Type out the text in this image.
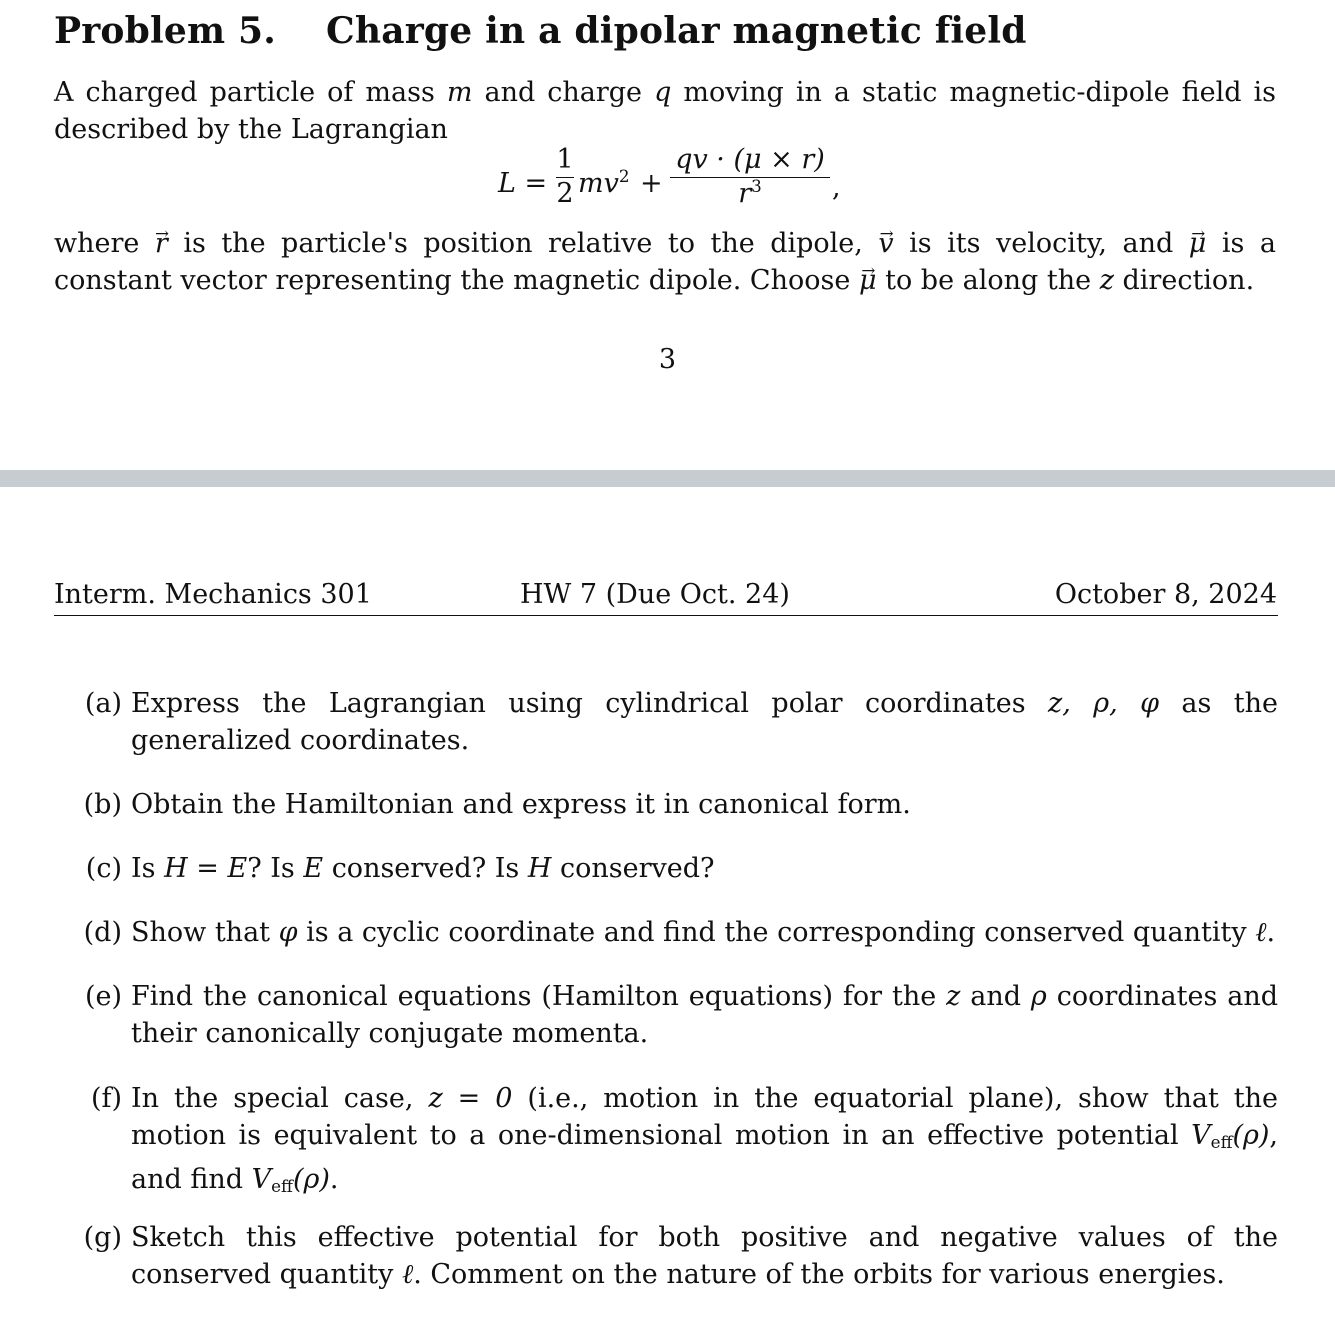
Problem 5. Charge in a dipolar magnetic field
A charged particle of mass m and charge q moving in a static magnetic-dipole field is described by the Lagrangian
L =
1
2 $mv^2$ +
qv · (μ × r)
$r^3$	,
where r → is the particle's position relative to the dipole, v → is its velocity, and μ → is a constant vector representing the magnetic dipole. Choose μ → to be along the z direction.
3
Interm. Mechanics 301	HW 7 (Due Oct. 24)	October 8, 2024
(a) Express the Lagrangian using cylindrical polar coordinates z, ρ, φ as the generalized coordinates.
(b) Obtain the Hamiltonian and express it in canonical form.
(c) Is H = E? Is E conserved? Is H conserved?
(d) Show that φ is a cyclic coordinate and find the corresponding conserved quantity ℓ.
(e) Find the canonical equations (Hamilton equations) for the z and ρ coordinates and their canonically conjugate momenta.
(f) In the special case, z = 0 (i.e., motion in the equatorial plane), show that the motion is equivalent to a one-dimensional motion in an effective potential $V_{eff}(\rho)$, and find $V_{eff}(\rho)$.
(g) Sketch this effective potential for both positive and negative values of the conserved quantity ℓ. Comment on the nature of the orbits for various energies.
